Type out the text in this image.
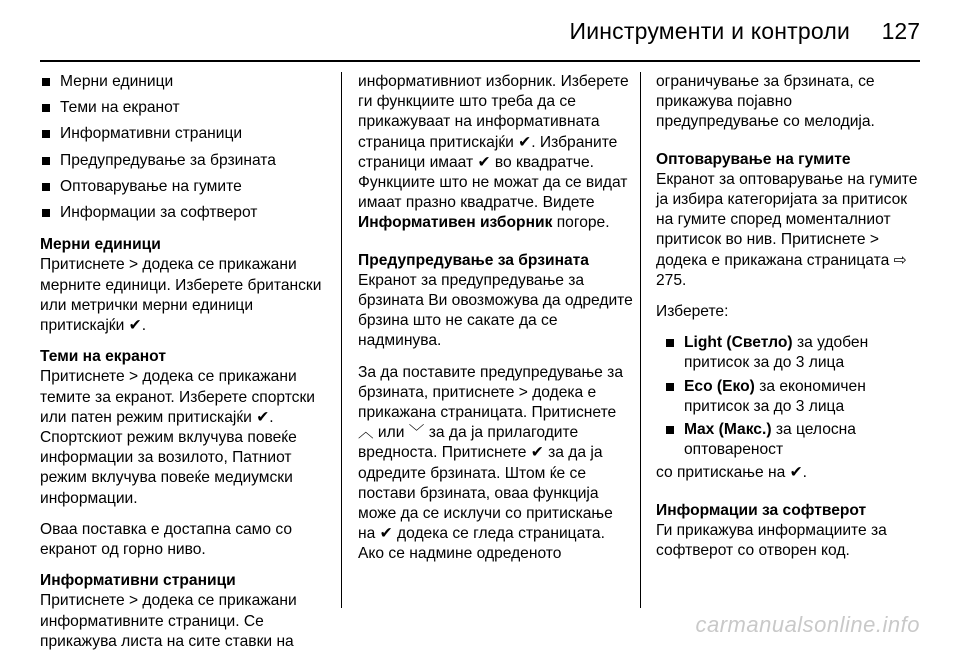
Иинструменти и контроли 127
Мерни единици
Теми на екранот
Информативни страници
Предупредување за брзината
Оптоварување на гумите
Информации за софтверот
Мерни единици
Притиснете > додека се прикажани мерните единици. Изберете британски или метрички мерни единици притискајќи ✔.
Теми на екранот
Притиснете > додека се прикажани темите за екранот. Изберете спортски или патен режим притискајќи ✔. Спортскиот режим вклучува повеќе информации за возилото, Патниот режим вклучува повеќе медиумски информации.
Оваа поставка е достапна само со екранот од горно ниво.
Информативни страници
Притиснете > додека се прикажани информативните страници. Се прикажува листа на сите ставки на
информативниот изборник. Изберете ги функциите што треба да се прикажуваат на информативната страница притискајќи ✔. Избраните страници имаат ✔ во квадратче. Функциите што не можат да се видат имаат празно квадратче. Видете Информативен изборник погоре.
Предупредување за брзината
Екранот за предупредување за брзината Ви овозможува да одредите брзина што не сакате да се надминува.
За да поставите предупредување за брзината, притиснете > додека е прикажана страницата. Притиснете ︿ или ﹀ за да ја прилагодите вредноста. Притиснете ✔ за да ја одредите брзината. Штом ќе се постави брзината, оваа функција може да се исклучи со притискање на ✔ додека се гледа страницата. Ако се надмине одреденото
ограничување за брзината, се прикажува појавно предупредување со мелодија.
Оптоварување на гумите
Екранот за оптоварување на гумите ја избира категоријата за притисок на гумите според моменталниот притисок во нив. Притиснете > додека е прикажана страницата ⇨ 275.
Изберете:
Light (Светло) за удобен притисок за до 3 лица
Eco (Еко) за економичен притисок за до 3 лица
Max (Макс.) за целосна оптовареност
со притискање на ✔.
Информации за софтверот
Ги прикажува информациите за софтверот со отворен код.
carmanualsonline.info
